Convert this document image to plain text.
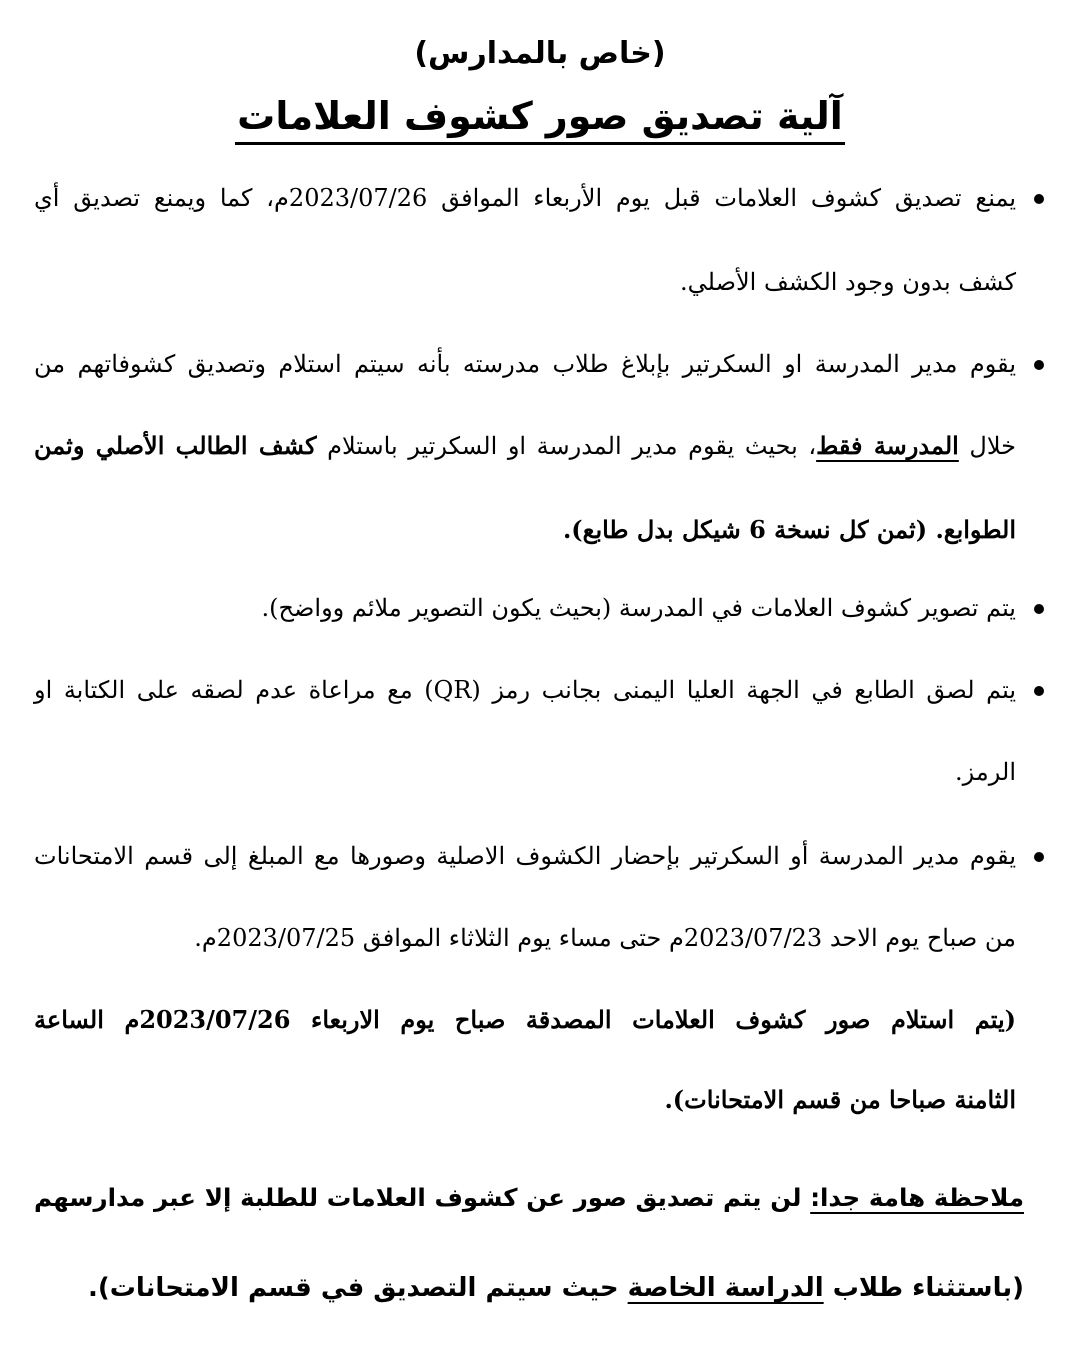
(خاص بالمدارس)
آلية تصديق صور كشوف العلامات
يمنع تصديق كشوف العلامات قبل يوم الأربعاء الموافق 2023/07/26م، كما ويمنع تصديق أي
كشف بدون وجود الكشف الأصلي.
يقوم مدير المدرسة او السكرتير بإبلاغ طلاب مدرسته بأنه سيتم استلام وتصديق كشوفاتهم من
خلال المدرسة فقط، بحيث يقوم مدير المدرسة او السكرتير باستلام كشف الطالب الأصلي وثمن
الطوابع. (ثمن كل نسخة 6 شيكل بدل طابع).
يتم تصوير كشوف العلامات في المدرسة (بحيث يكون التصوير ملائم وواضح).
يتم لصق الطابع في الجهة العليا اليمنى بجانب رمز (QR) مع مراعاة عدم لصقه على الكتابة او
الرمز.
يقوم مدير المدرسة أو السكرتير بإحضار الكشوف الاصلية وصورها مع المبلغ إلى قسم الامتحانات
من صباح يوم الاحد 2023/07/23م حتى مساء يوم الثلاثاء الموافق 2023/07/25م.
(يتم استلام صور كشوف العلامات المصدقة صباح يوم الاربعاء 2023/07/26م الساعة
الثامنة صباحا من قسم الامتحانات).
ملاحظة هامة جدا: لن يتم تصديق صور عن كشوف العلامات للطلبة إلا عبر مدارسهم
(باستثناء طلاب الدراسة الخاصة حيث سيتم التصديق في قسم الامتحانات).
